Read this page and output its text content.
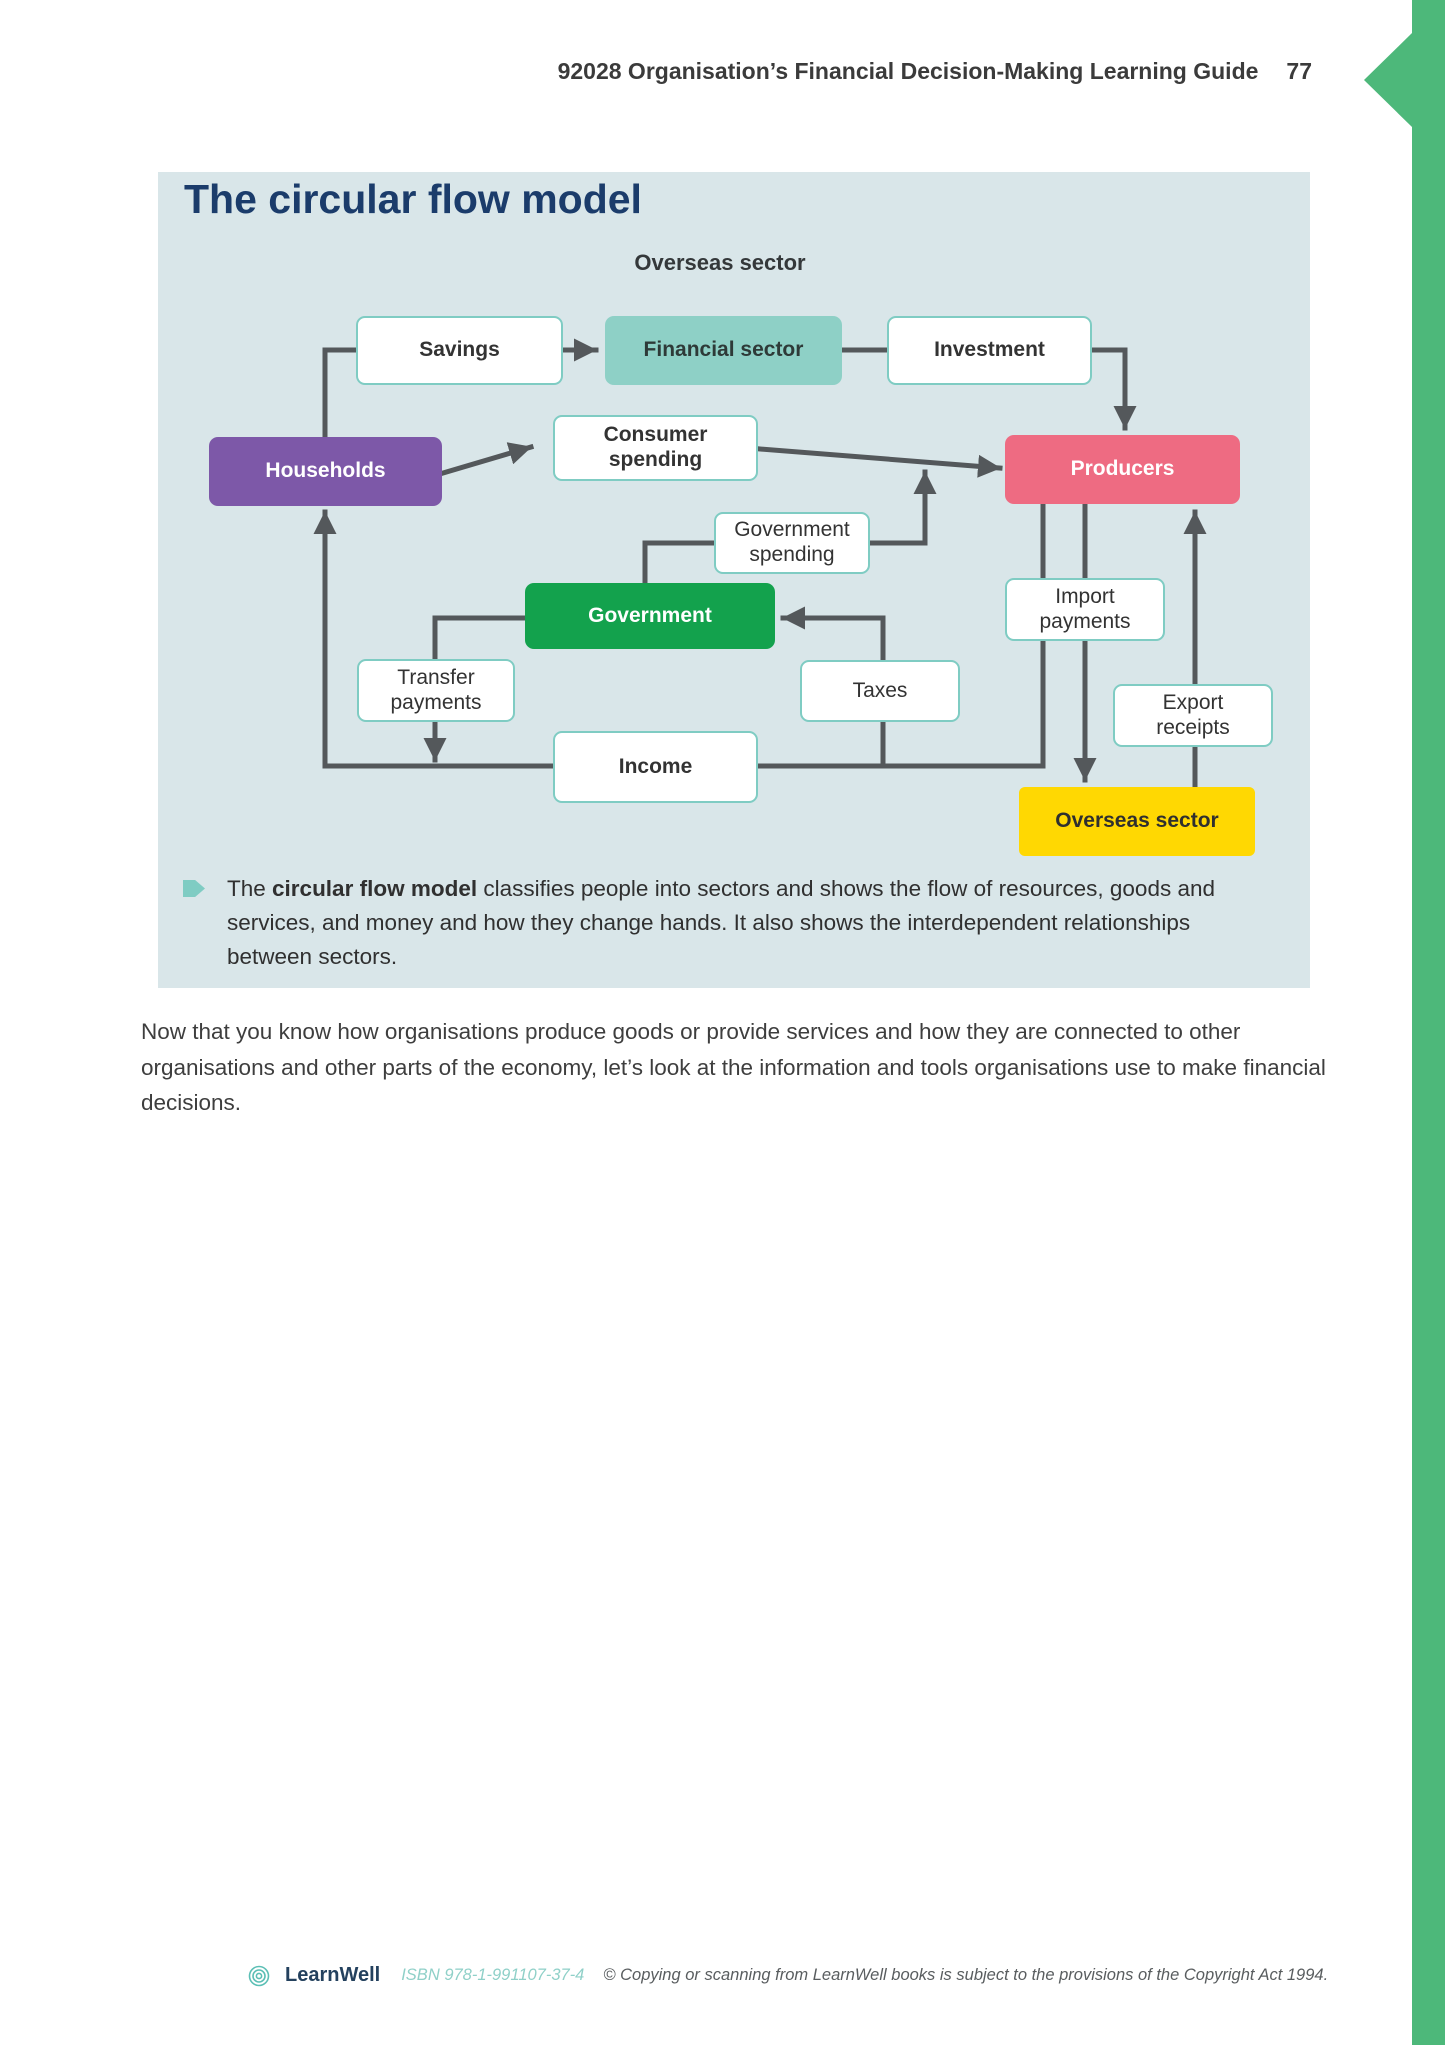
92028 Organisation’s Financial Decision-Making Learning Guide 77
The circular flow model
Overseas sector
Savings	Financial sector	Investment
Households
Consumer spending	Producers
Government spending
Government
Import payments
Transfer payments
Taxes
Income
Export receipts
Overseas sector
The circular flow model classifies people into sectors and shows the flow of resources, goods and services, and money and how they change hands. It also shows the interdependent relationships between sectors.
Now that you know how organisations produce goods or provide services and how they are connected to other organisations and other parts of the economy, let’s look at the information and tools organisations use to make financial decisions.
LearnWell ISBN 978-1-991107-37-4 © Copying or scanning from LearnWell books is subject to the provisions of the Copyright Act 1994.
